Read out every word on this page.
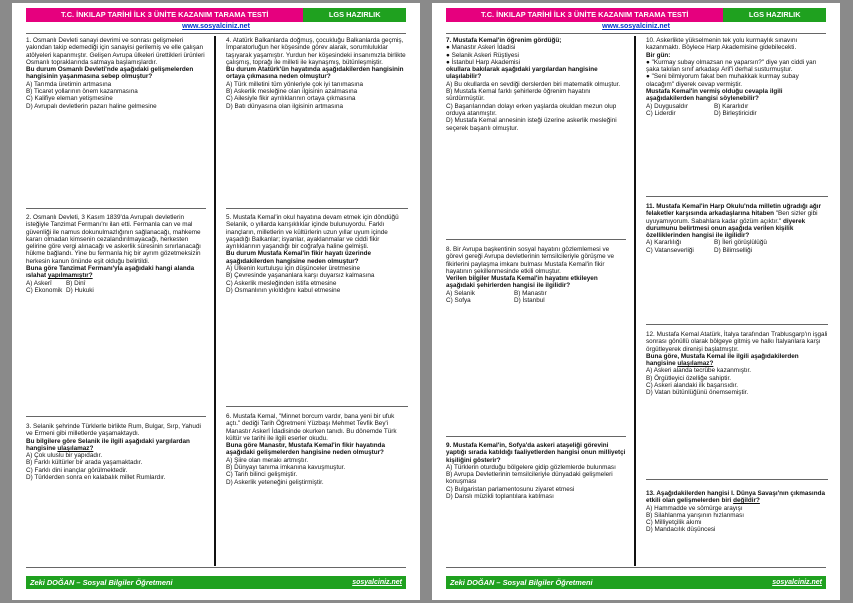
T.C. İNKILAP TARİHİ İLK 3 ÜNİTE KAZANIM TARAMA TESTİ	LGS HAZIRLIK
www.sosyalciniz.net

1. Osmanlı Devleti sanayi devrimi ve sonrası gelişmeleri yakından takip edemediği için sanayisi gerilemiş ve elle çalışan atölyeleri kapanmıştır. Gelişen Avrupa ülkeleri ürettikleri ürünleri Osmanlı topraklarında satmaya başlamışlardır.

Bu durum Osmanlı Devleti'nde aşağıdaki gelişmelerden hangisinin yaşanmasına sebep olmuştur?

A) Tarımda üretimin artmasına

B) Ticaret yollarının önem kazanmasına

C) Kalifiye eleman yetişmesine

D) Avrupalı devletlerin pazarı haline gelmesine

2. Osmanlı Devleti, 3 Kasım 1839'da Avrupalı devletlerin isteğiyle Tanzimat Fermanı'nı ilan etti. Fermanla can ve mal güvenliği ile namus dokunulmazlığının sağlanacağı, mahkeme kararı olmadan kimsenin cezalandırılmayacağı, herkesten gelirine göre vergi alınacağı ve askerlik süresinin sınırlanacağı hükme bağlandı. Yine bu fermanla hiç bir ayrım gözetmeksizin herkesin kanun önünde eşit olduğu belirtildi.

Buna göre Tanzimat Fermanı'yla aşağıdaki hangi alanda ıslahat yapılmamıştır?

A) Askerî	B) Dinî
C) Ekonomik D) Hukuki

3. Selanik şehrinde Türklerle birlikte Rum, Bulgar, Sırp, Yahudi ve Ermeni gibi milletlerde yaşamaktaydı.

Bu bilgilere göre Selanik ile ilgili aşağıdaki yargılardan hangisine ulaşılamaz?

A) Çok uluslu bir yapıdadır.

B) Farklı kültürler bir arada yaşamaktadır.

C) Farklı dini inançlar görülmektedir.

D) Türklerden sonra en kalabalık millet Rumlardır.

4. Atatürk Balkanlarda doğmuş, çocukluğu Balkanlarda geçmiş, İmparatorluğun her köşesinde görev alarak, sorumluluklar taşıyarak yaşamıştır. Yurdun her köşesindeki insanımızla birlikte çalışmış, toprağı ile milleti ile kaynaşmış, bütünleşmiştir.

Bu durum Atatürk'ün hayatında aşağıdakilerden hangisinin ortaya çıkmasına neden olmuştur?

A) Türk milletini tüm yönleriyle çok iyi tanımasına

B) Askerlik mesleğine olan ilgisinin azalmasına

C) Ailesiyle fikir ayrılıklarının ortaya çıkmasına

D) Batı dünyasına olan ilgisinin artmasına

5. Mustafa Kemal'in okul hayatına devam etmek için döndüğü Selanik, o yıllarda karışıklıklar içinde bulunuyordu. Farklı inançların, milletlerin ve kültürlerin uzun yıllar uyum içinde yaşadığı Balkanlar; isyanlar, ayaklanmalar ve ciddi fikir ayrılıklarının yaşandığı bir coğrafya haline gelmişti.

Bu durum Mustafa Kemal'in fikir hayatı üzerinde aşağıdakilerden hangisine neden olmuştur?

A) Ülkenin kurtuluşu için düşünceler üretmesine

B) Çevresinde yaşananlara karşı duyarsız kalmasına

C) Askerlik mesleğinden istifa etmesine

D) Osmanlının yıkıldığını kabul etmesine

6. Mustafa Kemal, "Minnet borcum vardır, bana yeni bir ufuk açtı." dediği Tarih Öğretmeni Yüzbaşı Mehmet Tevfik Bey'i Manastır Askerî İdadisinde okurken tanıdı. Bu dönemde Türk kültür ve tarihi ile ilgili eserler okudu.

Buna göre Manastır, Mustafa Kemal'in fikir hayatında aşağıdaki gelişmelerden hangisine neden olmuştur?

A) Şiire olan merakı artmıştır.

B) Dünyayı tanıma imkanına kavuşmuştur.

C) Tarih bilinci gelişmiştir.

D) Askerlik yeteneğini geliştirmiştir.

Zeki DOĞAN – Sosyal Bilgiler Öğretmeni	sosyalciniz.net
T.C. İNKILAP TARİHİ İLK 3 ÜNİTE KAZANIM TARAMA TESTİ	LGS HAZIRLIK
www.sosyalciniz.net

7. Mustafa Kemal'in öğrenim gördüğü;

● Manastır Askeri İdadisi

● Selanik Askeri Rüştiyesi

● İstanbul Harp Akademisi

okullara bakılarak aşağıdaki yargılardan hangisine ulaşılabilir?

A) Bu okullarda en sevdiği derslerden biri matematik olmuştur.

B) Mustafa Kemal farklı şehirlerde öğrenim hayatını sürdürmüştür.

C) Başarılarından dolayı erken yaşlarda okuldan mezun olup orduya atanmıştır.

D) Mustafa Kemal annesinin isteği üzerine askerlik mesleğini seçerek başarılı olmuştur.

8. Bir Avrupa başkentinin sosyal hayatını gözlemlemesi ve görevi gereği Avrupa devletlerinin temsilcileriyle görüşme ve fikirlerini paylaşma imkanı bulması Mustafa Kemal'in fikir hayatının şekillenmesinde etkili olmuştur.

Verilen bilgiler Mustafa Kemal'in hayatını etkileyen aşağıdaki şehirlerden hangisi ile ilgilidir?

A) Selanik	B) Manastır
C) Sofya	D) İstanbul

9. Mustafa Kemal'in, Sofya'da askeri ataşeliği görevini yaptığı sırada katıldığı faaliyetlerden hangisi onun milliyetçi kişiliğini gösterir?

A) Türklerin oturduğu bölgelere gidip gözlemlerde bulunması

B) Avrupa Devletlerinin temsilcileriyle dünyadaki gelişmeleri konuşması

C) Bulgaristan parlamentosunu ziyaret etmesi

D) Danslı müzikli toplantılara katılması

10. Askerlikte yükselmenin tek yolu kurmaylık sınavını kazanmaktı. Böylece Harp Akademisine gidebilecekti.

Bir gün:

● "Kurmay subay olmazsan ne yaparsın?" diye yan ciddi yarı şaka takılan sınıf arkadaşı Arif'i derhal susturmuştur.

● "Seni bilmiyorum fakat ben muhakkak kurmay subay olacağım" diyerek cevap vermiştir.

Mustafa Kemal'in vermiş olduğu cevapla ilgili aşağıdakilerden hangisi söylenebilir?

A) Duygusaldır	B) Kararlıdır
C) Liderdir	D) Birleştiricidir

11. Mustafa Kemal'in Harp Okulu'nda milletin uğradığı ağır felaketler karşısında arkadaşlarına hitaben "Ben sizler gibi uyuyamıyorum. Sabahlara kadar gözüm açıktır." diyerek durumunu belirtmesi onun aşağıda verilen kişilik özelliklerinden hangisi ile ilgilidir?

A) Kararlılığı	B) İleri görüşlülüğü
C) Vatanseverliği	D) Bilimselliği

12. Mustafa Kemal Atatürk, İtalya tarafından Trablusgarp'ın işgali sonrası gönüllü olarak bölgeye gitmiş ve halkı İtalyanlara karşı örgütleyerek direnişi başlatmıştır.

Buna göre, Mustafa Kemal ile ilgili aşağıdakilerden hangisine ulaşılamaz?

A) Askeri alanda tecrübe kazanmıştır.

B) Örgütleyici özelliğe sahiptir.

C) Askeri alandaki ilk başarısıdır.

D) Vatan bütünlüğünü önemsemiştir.

13. Aşağıdakilerden hangisi I. Dünya Savaşı'nın çıkmasında etkili olan gelişmelerden biri değildir?

A) Hammadde ve sömürge arayışı

B) Silahlanma yarışının hızlanması

C) Milliyetçilik akımı

D) Mandacılık düşüncesi

Zeki DOĞAN – Sosyal Bilgiler Öğretmeni	sosyalciniz.net
